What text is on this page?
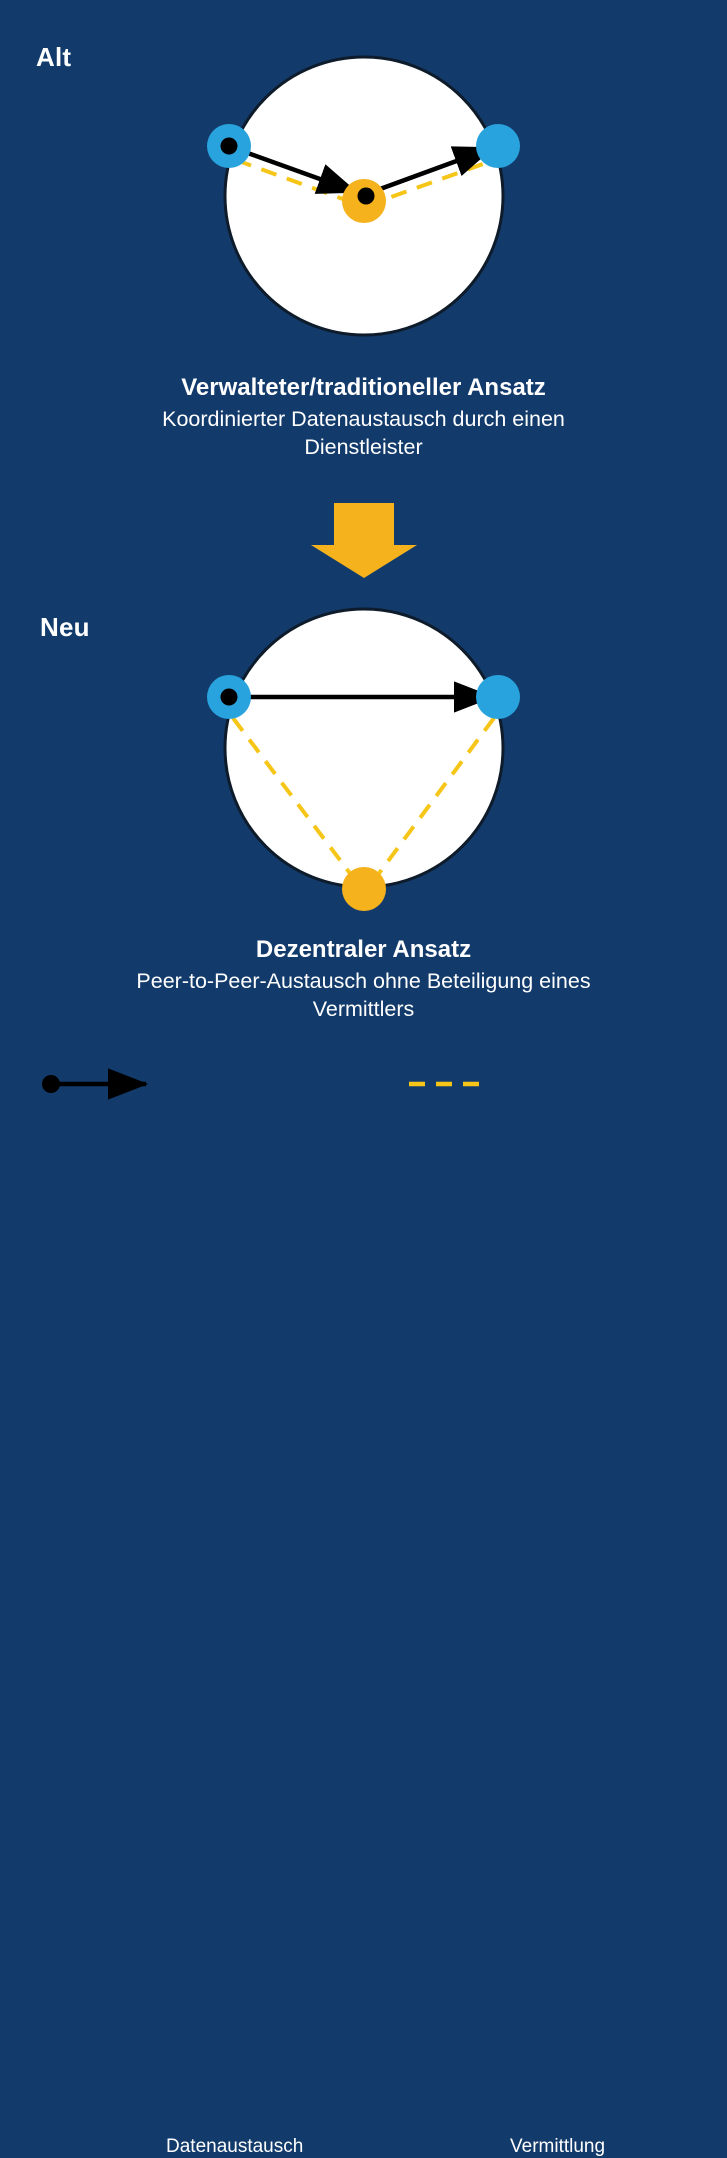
Alt
Neu

Verwalteter/traditioneller Ansatz

Koordinierter Datenaustausch durch einen

Dienstleister

Dezentraler Ansatz

Peer-to-Peer-Austausch ohne Beteiligung eines

Vermittlers

Datenaustausch	Vermittlung
